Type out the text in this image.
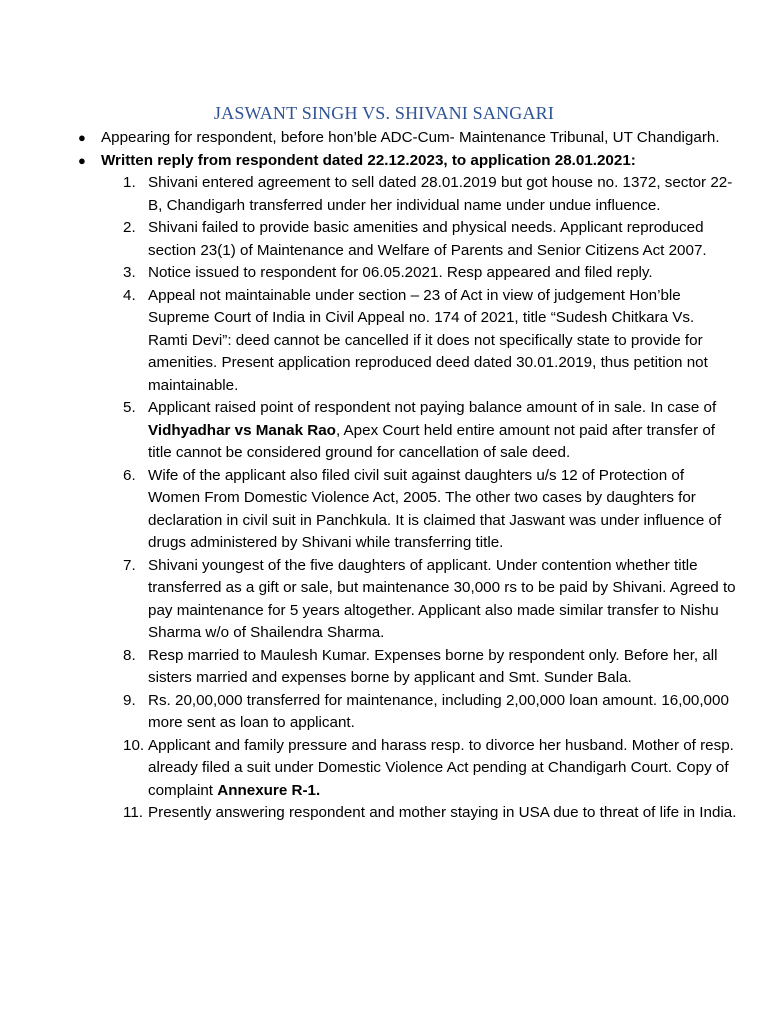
JASWANT SINGH VS. SHIVANI SANGARI
● Appearing for respondent, before hon’ble ADC-Cum- Maintenance Tribunal, UT Chandigarh.
● Written reply from respondent dated 22.12.2023, to application 28.01.2021:
1. Shivani entered agreement to sell dated 28.01.2019 but got house no. 1372, sector 22-B, Chandigarh transferred under her individual name under undue influence.
2. Shivani failed to provide basic amenities and physical needs. Applicant reproduced section 23(1) of Maintenance and Welfare of Parents and Senior Citizens Act 2007.
3. Notice issued to respondent for 06.05.2021. Resp appeared and filed reply.
4. Appeal not maintainable under section – 23 of Act in view of judgement Hon’ble Supreme Court of India in Civil Appeal no. 174 of 2021, title “Sudesh Chitkara Vs. Ramti Devi”: deed cannot be cancelled if it does not specifically state to provide for amenities. Present application reproduced deed dated 30.01.2019, thus petition not maintainable.
5. Applicant raised point of respondent not paying balance amount of in sale. In case of Vidhyadhar vs Manak Rao, Apex Court held entire amount not paid after transfer of title cannot be considered ground for cancellation of sale deed.
6. Wife of the applicant also filed civil suit against daughters u/s 12 of Protection of Women From Domestic Violence Act, 2005. The other two cases by daughters for declaration in civil suit in Panchkula. It is claimed that Jaswant was under influence of drugs administered by Shivani while transferring title.
7. Shivani youngest of the five daughters of applicant. Under contention whether title transferred as a gift or sale, but maintenance 30,000 rs to be paid by Shivani. Agreed to pay maintenance for 5 years altogether. Applicant also made similar transfer to Nishu Sharma w/o of Shailendra Sharma.
8. Resp married to Maulesh Kumar. Expenses borne by respondent only. Before her, all sisters married and expenses borne by applicant and Smt. Sunder Bala.
9. Rs. 20,00,000 transferred for maintenance, including 2,00,000 loan amount. 16,00,000 more sent as loan to applicant.
10. Applicant and family pressure and harass resp. to divorce her husband. Mother of resp. already filed a suit under Domestic Violence Act pending at Chandigarh Court. Copy of complaint Annexure R-1.
11. Presently answering respondent and mother staying in USA due to threat of life in India.
